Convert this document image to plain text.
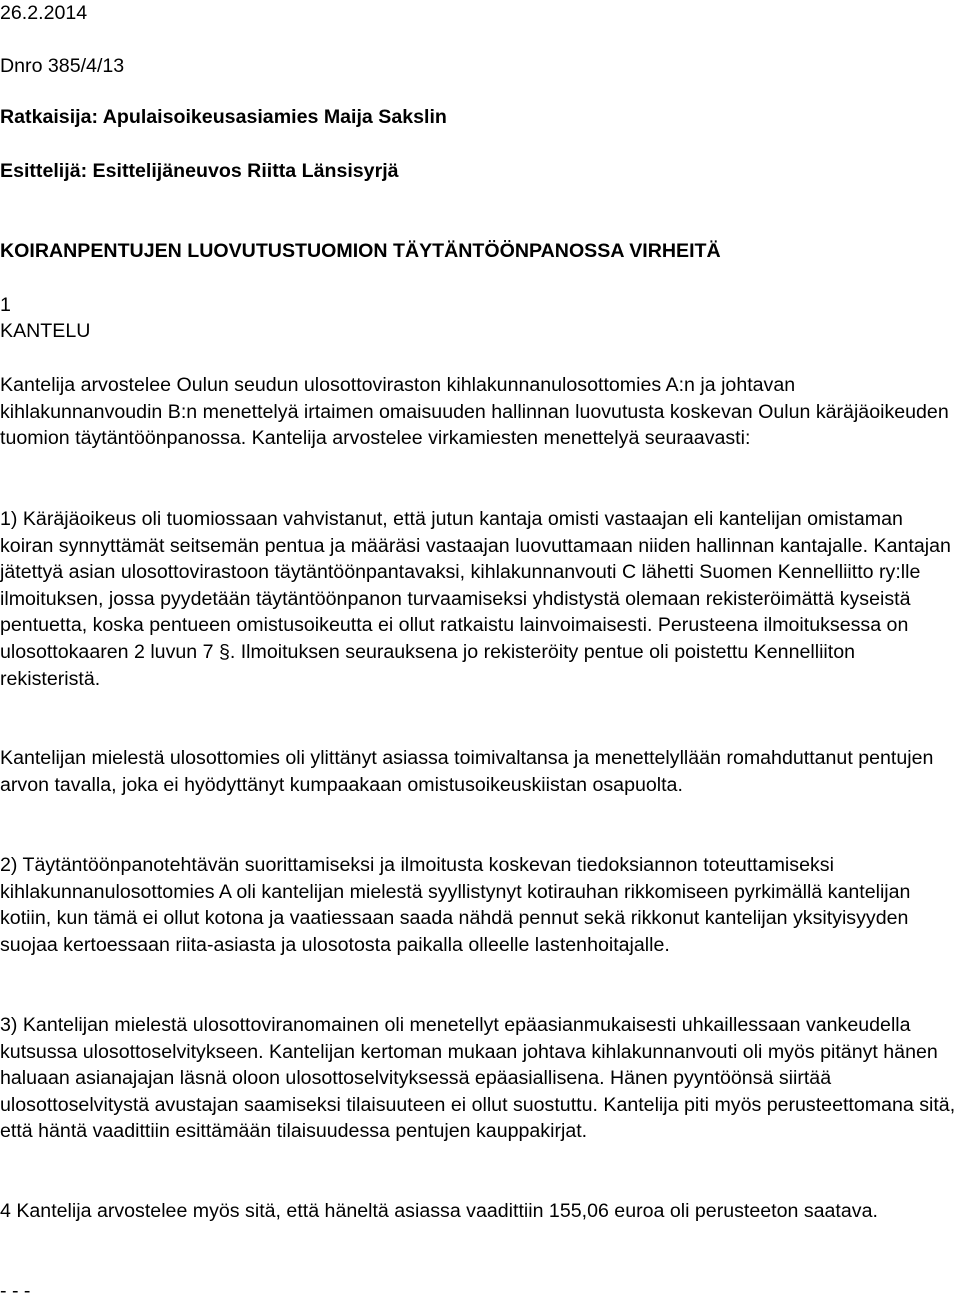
26.2.2014
Dnro 385/4/13
Ratkaisija: Apulaisoikeusasiamies Maija Sakslin
Esittelijä: Esittelijäneuvos Riitta Länsisyrjä
KOIRANPENTUJEN LUOVUTUSTUOMION TÄYTÄNTÖÖNPANOSSA VIRHEITÄ
1
KANTELU

Kantelija arvostelee Oulun seudun ulosottoviraston kihlakunnanulosottomies A:n ja johtavan kihlakunnanvoudin B:n menettelyä irtaimen omaisuuden hallinnan luovutusta koskevan Oulun käräjäoikeuden tuomion täytäntöönpanossa. Kantelija arvostelee virkamiesten menettelyä seuraavasti:

1) Käräjäoikeus oli tuomiossaan vahvistanut, että jutun kantaja omisti vastaajan eli kantelijan omistaman koiran synnyttämät seitsemän pentua ja määräsi vastaajan luovuttamaan niiden hallinnan kantajalle. Kantajan jätettyä asian ulosottovirastoon täytäntöönpantavaksi, kihlakunnanvouti C lähetti Suomen Kennelliitto ry:lle ilmoituksen, jossa pyydetään täytäntöönpanon turvaamiseksi yhdistystä olemaan rekisteröimättä kyseistä pentuetta, koska pentueen omistusoikeutta ei ollut ratkaistu lainvoimaisesti. Perusteena ilmoituksessa on ulosottokaaren 2 luvun 7 §. Ilmoituksen seurauksena jo rekisteröity pentue oli poistettu Kennelliiton rekisteristä.

Kantelijan mielestä ulosottomies oli ylittänyt asiassa toimivaltansa ja menettelyllään romahduttanut pentujen arvon tavalla, joka ei hyödyttänyt kumpaakaan omistusoikeuskiistan osapuolta.

2) Täytäntöönpanotehtävän suorittamiseksi ja ilmoitusta koskevan tiedoksiannon toteuttamiseksi kihlakunnanulosottomies A oli kantelijan mielestä syyllistynyt kotirauhan rikkomiseen pyrkimällä kantelijan kotiin, kun tämä ei ollut kotona ja vaatiessaan saada nähdä pennut sekä rikkonut kantelijan yksityisyyden suojaa kertoessaan riita-asiasta ja ulosotosta paikalla olleelle lastenhoitajalle.

3) Kantelijan mielestä ulosottoviranomainen oli menetellyt epäasianmukaisesti uhkaillessaan vankeudella kutsussa ulosottoselvitykseen. Kantelijan kertoman mukaan johtava kihlakunnanvouti oli myös pitänyt hänen haluaan asianajajan läsnä oloon ulosottoselvityksessä epäasiallisena. Hänen pyyntöönsä siirtää ulosottoselvitystä avustajan saamiseksi tilaisuuteen ei ollut suostuttu. Kantelija piti myös perusteettomana sitä, että häntä vaadittiin esittämään tilaisuudessa pentujen kauppakirjat.

4 Kantelija arvostelee myös sitä, että häneltä asiassa vaadittiin 155,06 euroa oli perusteeton saatava.

- - -
